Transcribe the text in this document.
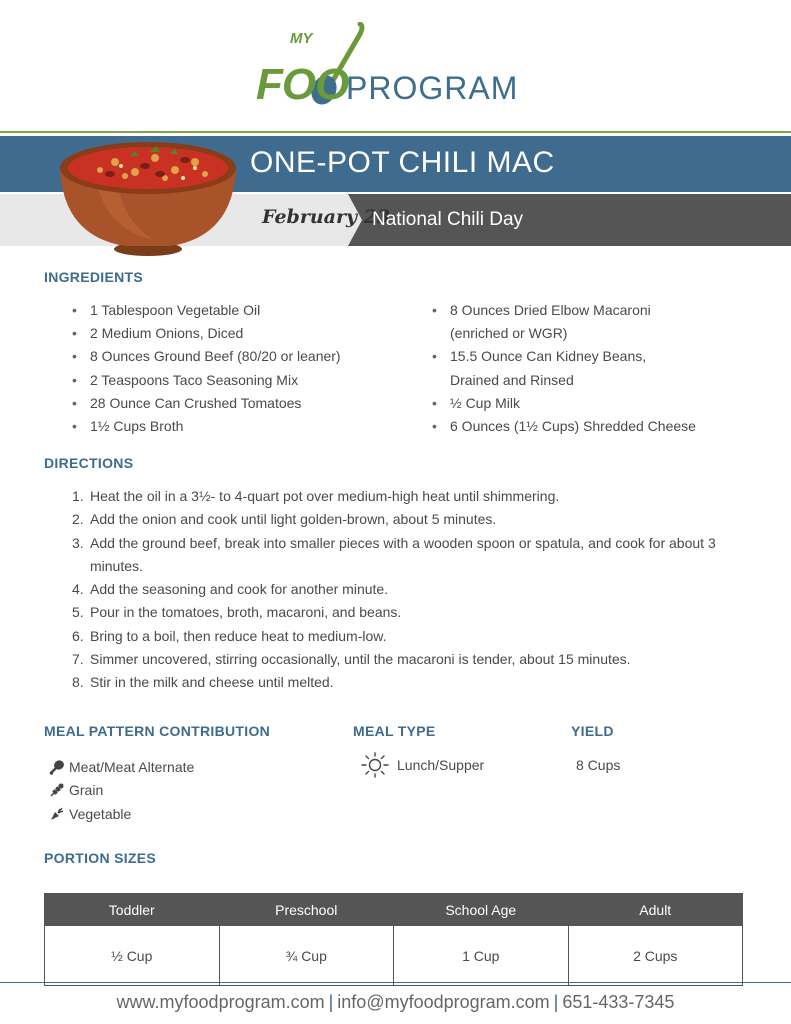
MY
FOO
PROGRAM
ONE-POT CHILI MAC
February 23
National Chili Day
INGREDIENTS
• 1 Tablespoon Vegetable Oil
• 2 Medium Onions, Diced
• 8 Ounces Ground Beef (80/20 or leaner)
• 2 Teaspoons Taco Seasoning Mix
• 28 Ounce Can Crushed Tomatoes
• 1½ Cups Broth
• 8 Ounces Dried Elbow Macaroni (enriched or WGR)
• 15.5 Ounce Can Kidney Beans, Drained and Rinsed
• ½ Cup Milk
• 6 Ounces (1½ Cups) Shredded Cheese
DIRECTIONS
1. Heat the oil in a 3½- to 4-quart pot over medium-high heat until shimmering.
2. Add the onion and cook until light golden-brown, about 5 minutes.
3. Add the ground beef, break into smaller pieces with a wooden spoon or spatula, and cook for about 3 minutes.
4. Add the seasoning and cook for another minute.
5. Pour in the tomatoes, broth, macaroni, and beans.
6. Bring to a boil, then reduce heat to medium-low.
7. Simmer uncovered, stirring occasionally, until the macaroni is tender, about 15 minutes.
8. Stir in the milk and cheese until melted.
MEAL PATTERN CONTRIBUTION
Meat/Meat Alternate
Grain
Vegetable
MEAL TYPE
Lunch/Supper
YIELD
8 Cups
PORTION SIZES
Toddler	Preschool	School Age	Adult
½ Cup	¾ Cup	1 Cup	2 Cups
www.myfoodprogram.com | info@myfoodprogram.com | 651-433-7345
